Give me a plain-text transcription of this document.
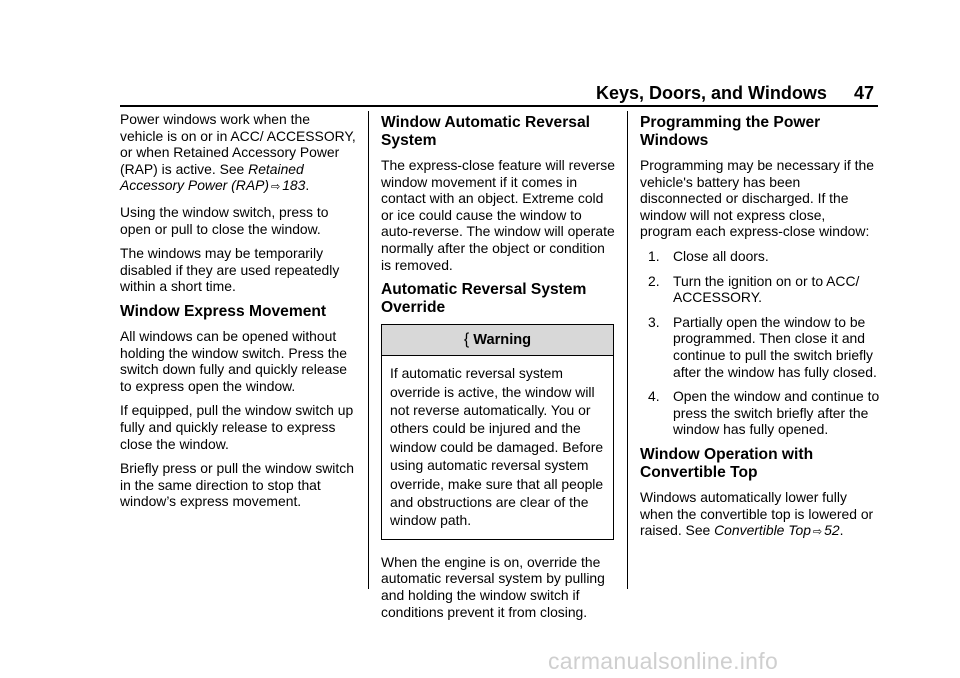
Keys, Doors, and Windows 47

Power windows work when the vehicle is on or in ACC/ ACCESSORY, or when Retained Accessory Power (RAP) is active. See Retained Accessory Power (RAP) ⇨ 183.

Using the window switch, press to open or pull to close the window.

The windows may be temporarily disabled if they are used repeatedly within a short time.

Window Express Movement

All windows can be opened without holding the window switch. Press the switch down fully and quickly release to express open the window.

If equipped, pull the window switch up fully and quickly release to express close the window.

Briefly press or pull the window switch in the same direction to stop that window’s express movement.

Window Automatic Reversal System

The express-close feature will reverse window movement if it comes in contact with an object. Extreme cold or ice could cause the window to auto-reverse. The window will operate normally after the object or condition is removed.

Automatic Reversal System Override
{ Warning
If automatic reversal system override is active, the window will not reverse automatically. You or others could be injured and the window could be damaged. Before using automatic reversal system override, make sure that all people and obstructions are clear of the window path.

When the engine is on, override the automatic reversal system by pulling and holding the window switch if conditions prevent it from closing.

Programming the Power Windows

Programming may be necessary if the vehicle's battery has been disconnected or discharged. If the window will not express close, program each express-close window:

1. Close all doors.
2. Turn the ignition on or to ACC/ ACCESSORY.
3. Partially open the window to be programmed. Then close it and continue to pull the switch briefly after the window has fully closed.
4. Open the window and continue to press the switch briefly after the window has fully opened.
Window Operation with Convertible Top

Windows automatically lower fully when the convertible top is lowered or raised. See Convertible Top ⇨ 52.

carmanualsonline.info
